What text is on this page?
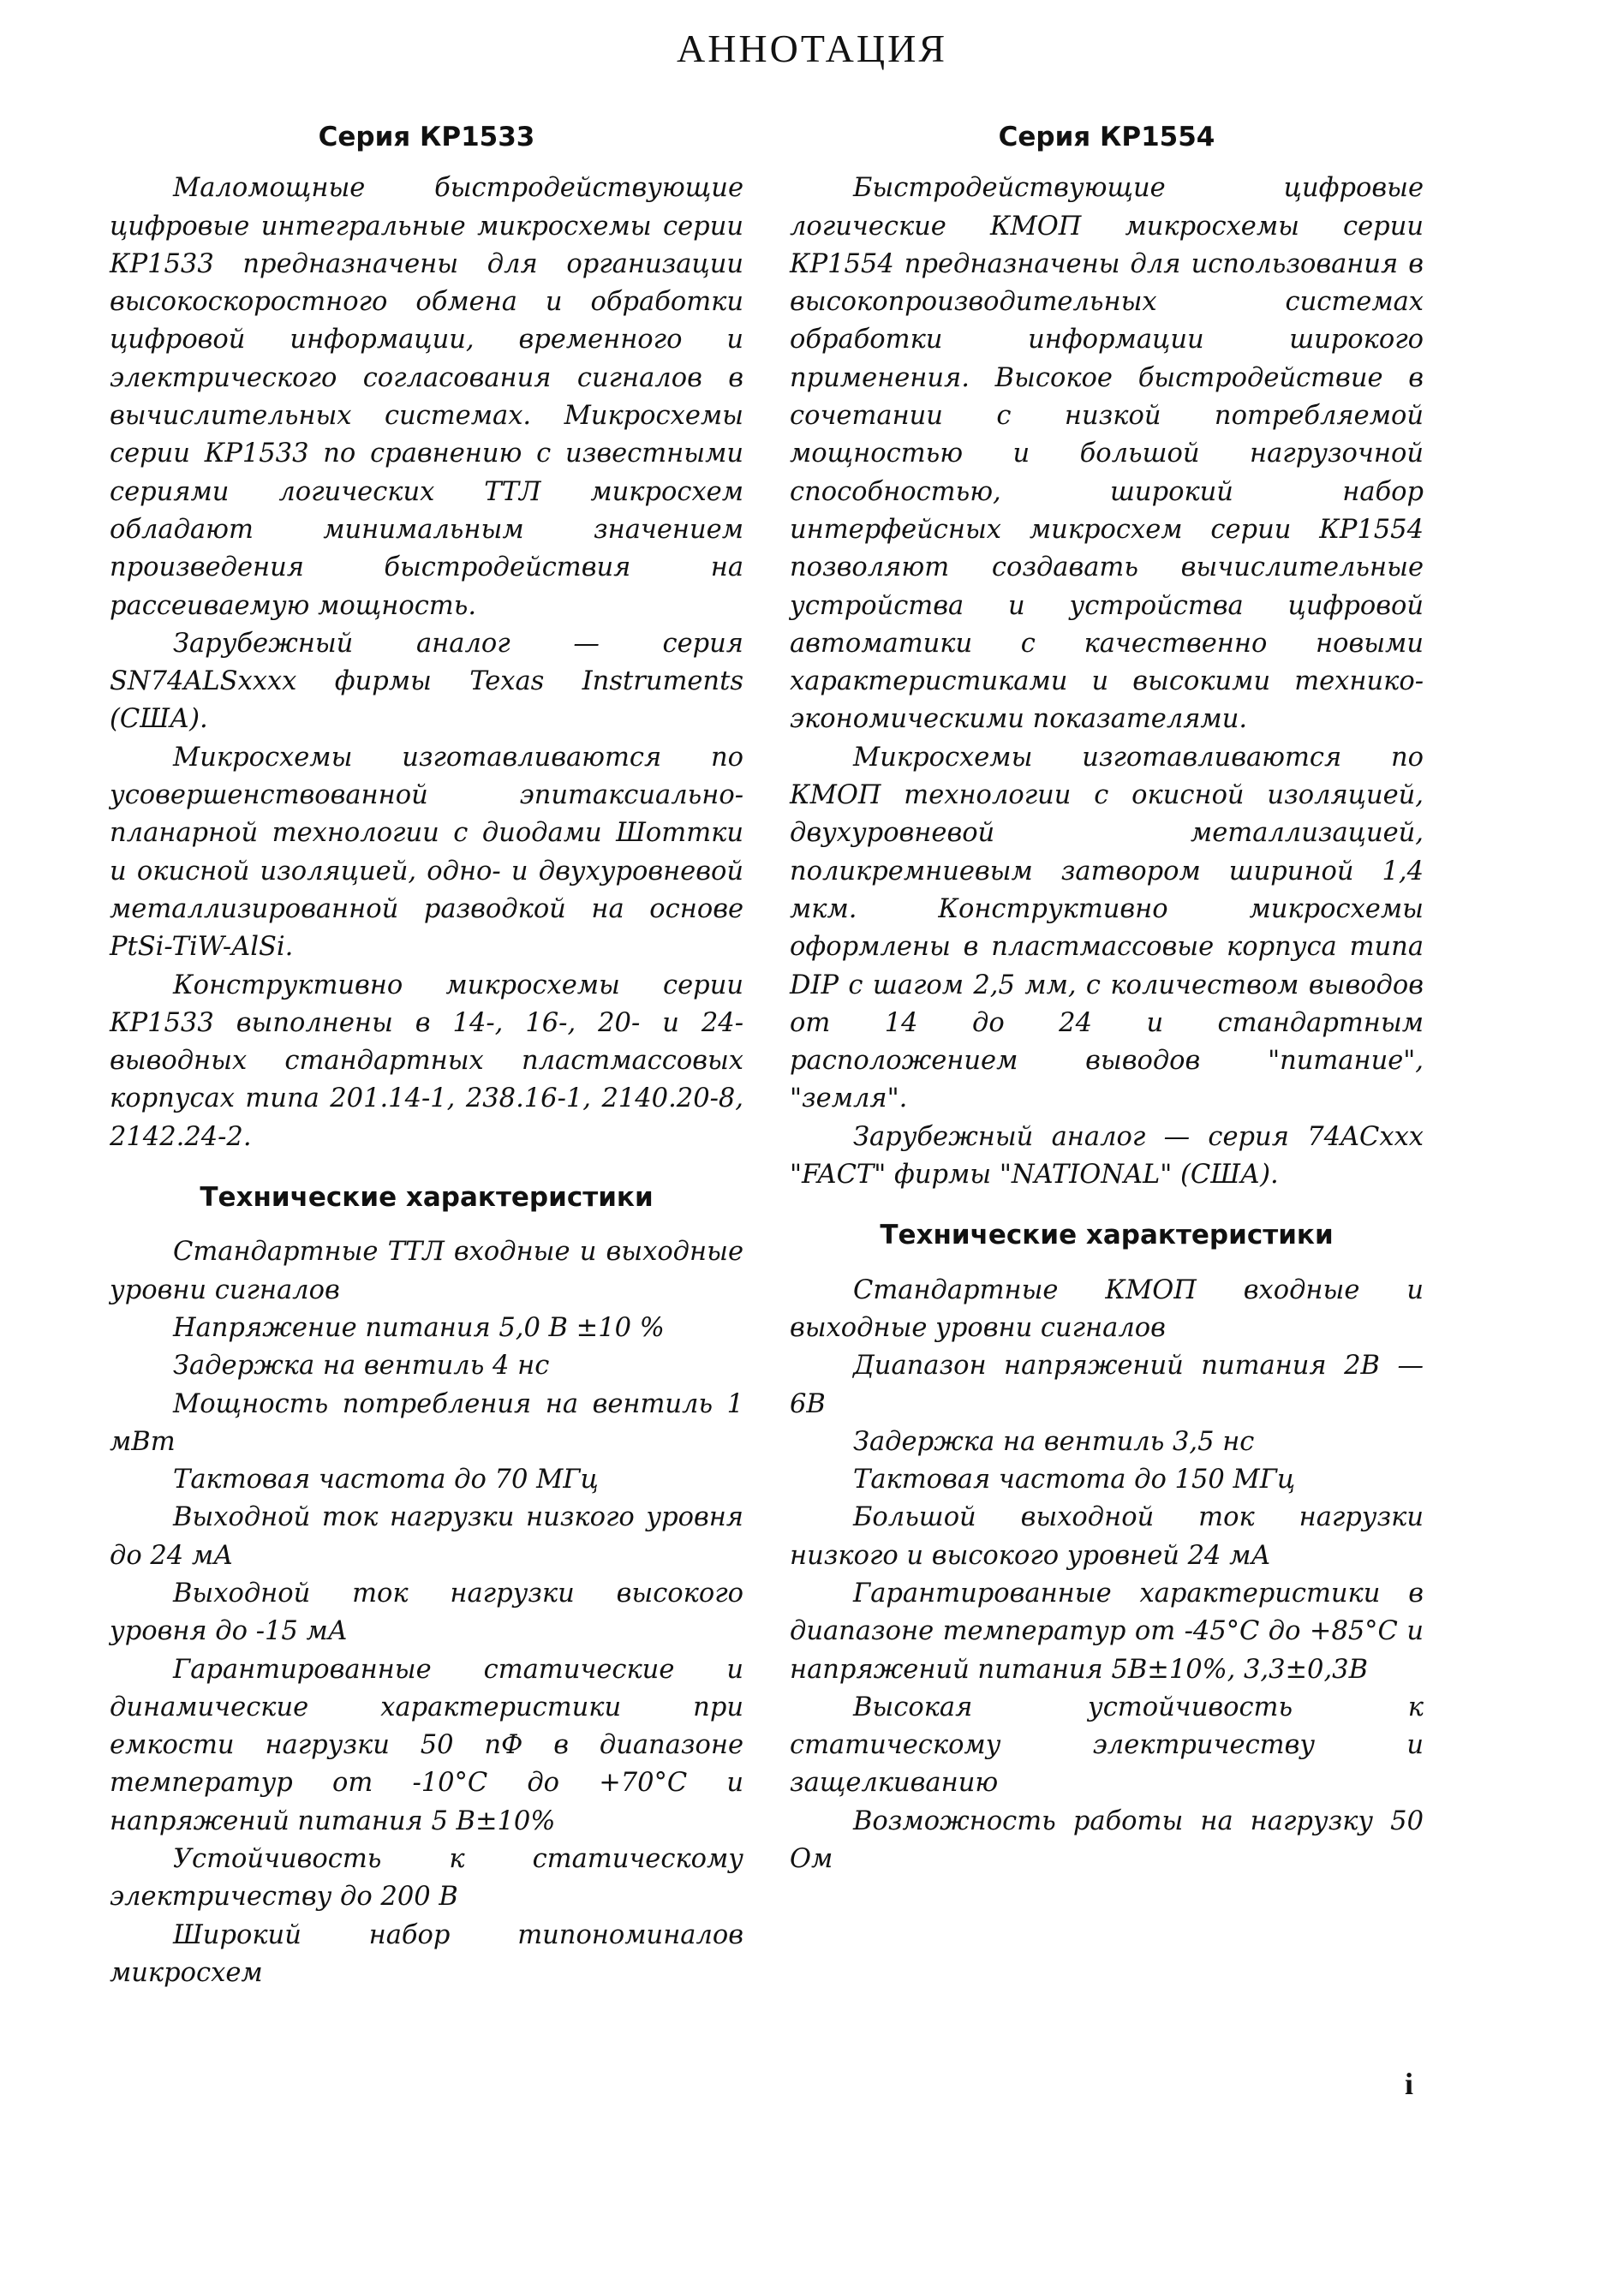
АННОТАЦИЯ
Серия КР1533

Маломощные быстродействующие цифровые интегральные микросхемы серии КР1533 предназначены для организации высокоскоростного обмена и обработки цифровой информации, временного и электрического согласования сигналов в вычислительных системах. Микросхемы серии КР1533 по сравнению с известными сериями логических ТТЛ микросхем обладают минимальным значением произведения быстродействия на рассеиваемую мощность.

Зарубежный аналог — серия SN74ALSxxxx фирмы Texas Instruments (США).

Микросхемы изготавливаются по усовершенствованной эпитаксиально-планарной технологии с диодами Шоттки и окисной изоляцией, одно- и двухуровневой металлизированной разводкой на основе PtSi-TiW-AlSi.

Конструктивно микросхемы серии КР1533 выполнены в 14-, 16-, 20- и 24-выводных стандартных пластмассовых корпусах типа 201.14-1, 238.16-1, 2140.20-8, 2142.24-2.

Технические характеристики

Стандартные ТТЛ входные и выходные уровни сигналов

Напряжение питания 5,0 В ±10 %

Задержка на вентиль 4 нс

Мощность потребления на вентиль 1 мВт

Тактовая частота до 70 МГц

Выходной ток нагрузки низкого уровня до 24 мА

Выходной ток нагрузки высокого уровня до -15 мА

Гарантированные статические и динамические характеристики при емкости нагрузки 50 пФ в диапазоне температур от -10°С до +70°С и напряжений питания 5 В±10%

Устойчивость к статическому электричеству до 200 В

Широкий набор типономиналов микросхем

Серия КР1554

Быстродействующие цифровые логические КМОП микросхемы серии КР1554 предназначены для использования в высокопроизводительных системах обработки информации широкого применения. Высокое быстродействие в сочетании с низкой потребляемой мощностью и большой нагрузочной способностью, широкий набор интерфейсных микросхем серии КР1554 позволяют создавать вычислительные устройства и устройства цифровой автоматики с качественно новыми характеристиками и высокими технико-экономическими показателями.

Микросхемы изготавливаются по КМОП технологии с окисной изоляцией, двухуровневой металлизацией, поликремниевым затвором шириной 1,4 мкм. Конструктивно микросхемы оформлены в пластмассовые корпуса типа DIP с шагом 2,5 мм, с количеством выводов от 14 до 24 и стандартным расположением выводов "питание", "земля".

Зарубежный аналог — серия 74ACxxx "FACT" фирмы "NATIONAL" (США).

Технические характеристики

Стандартные КМОП входные и выходные уровни сигналов

Диапазон напряжений питания 2В — 6В

Задержка на вентиль 3,5 нс

Тактовая частота до 150 МГц

Большой выходной ток нагрузки низкого и высокого уровней 24 мА

Гарантированные характеристики в диапазоне температур от -45°С до +85°С и напряжений питания 5В±10%, 3,3±0,3В

Высокая устойчивость к статическому электричеству и защелкиванию

Возможность работы на нагрузку 50 Ом

i
